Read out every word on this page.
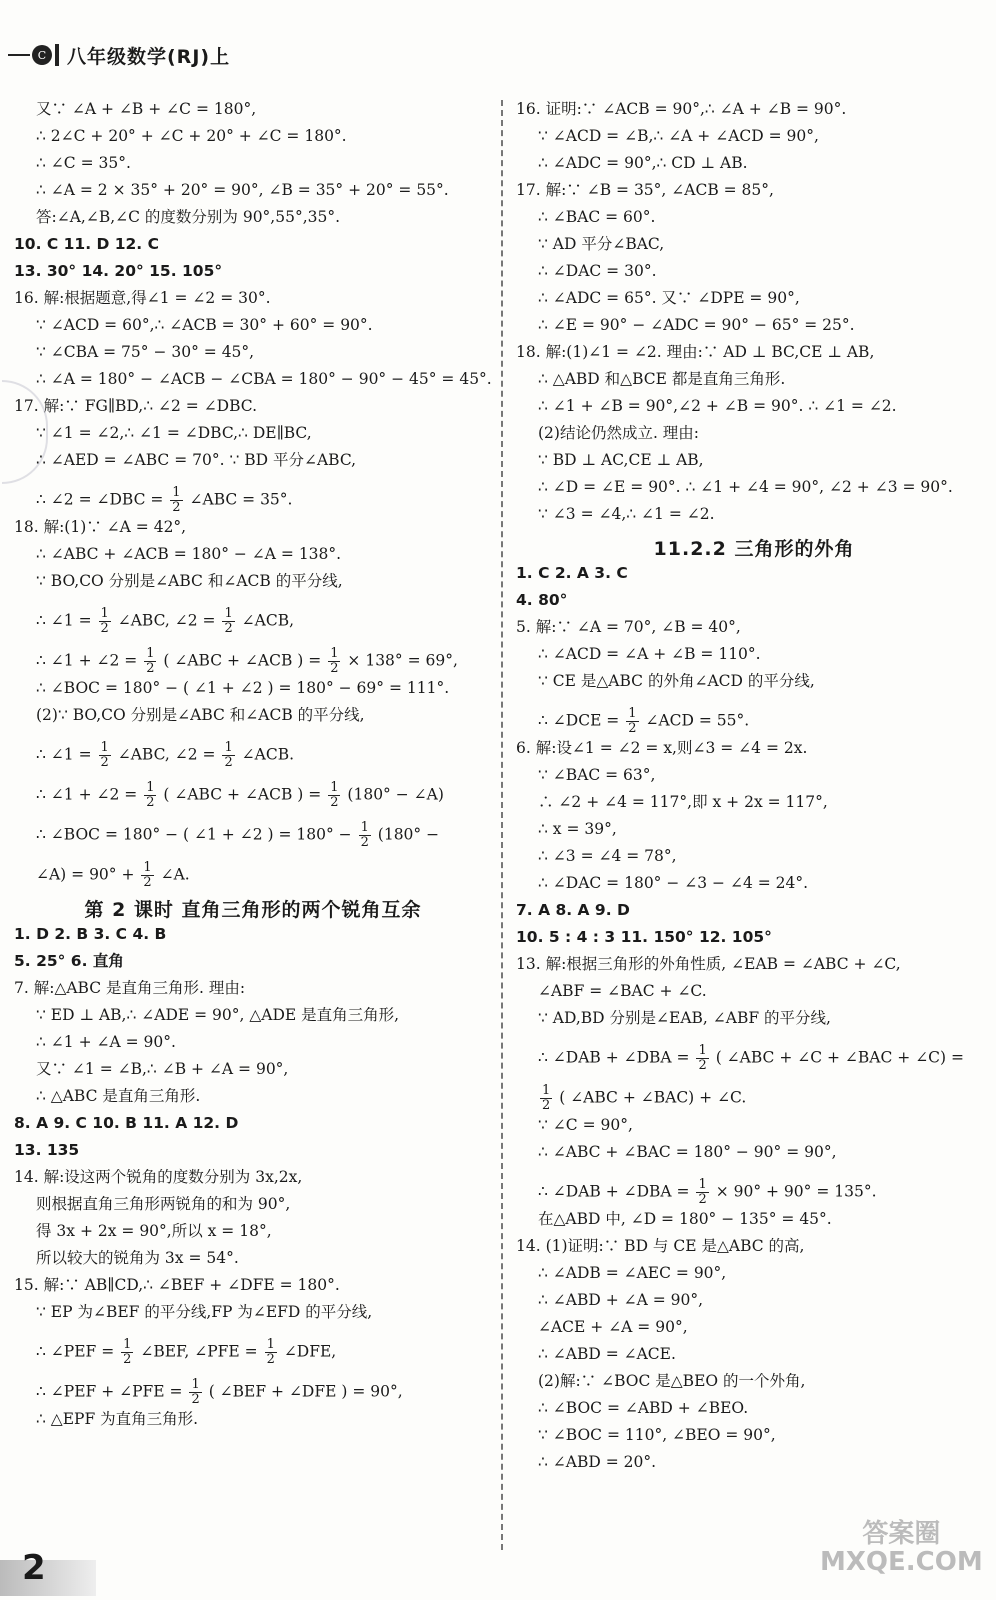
C	八年级数学(RJ)上
又∵ ∠A + ∠B + ∠C = 180°,
∴ 2∠C + 20° + ∠C + 20° + ∠C = 180°.
∴ ∠C = 35°.
∴ ∠A = 2 × 35° + 20° = 90°, ∠B = 35° + 20° = 55°.
答:∠A,∠B,∠C 的度数分别为 90°,55°,35°.
10. C 11. D 12. C
13. 30° 14. 20° 15. 105°
16. 解:根据题意,得∠1 = ∠2 = 30°.
∵ ∠ACD = 60°,∴ ∠ACB = 30° + 60° = 90°.
∵ ∠CBA = 75° − 30° = 45°,
∴ ∠A = 180° − ∠ACB − ∠CBA = 180° − 90° − 45° = 45°.
17. 解:∵ FG∥BD,∴ ∠2 = ∠DBC.
∵ ∠1 = ∠2,∴ ∠1 = ∠DBC,∴ DE∥BC,
∴ ∠AED = ∠ABC = 70°. ∵ BD 平分∠ABC,
∴ ∠2 = ∠DBC = $\frac{1}{2}$ ∠ABC = 35°.
18. 解:(1)∵ ∠A = 42°,
∴ ∠ABC + ∠ACB = 180° − ∠A = 138°.
∵ BO,CO 分别是∠ABC 和∠ACB 的平分线,
∴ ∠1 = $\frac{1}{2}$ ∠ABC, ∠2 = $\frac{1}{2}$ ∠ACB,
∴ ∠1 + ∠2 = $\frac{1}{2}$ ( ∠ABC + ∠ACB ) = $\frac{1}{2} \times 138^\circ = 69^\circ$,
∴ ∠BOC = 180° − ( ∠1 + ∠2 ) = 180° − 69° = 111°.
(2)∵ BO,CO 分别是∠ABC 和∠ACB 的平分线,
∴ ∠1 = $\frac{1}{2}$ ∠ABC, ∠2 = $\frac{1}{2}$ ∠ACB.
∴ ∠1 + ∠2 = $\frac{1}{2}$ ( ∠ABC + ∠ACB ) = $\frac{1}{2} (180^\circ$ − ∠A)
∴ ∠BOC = 180° − ( ∠1 + ∠2 ) = $180^\circ - \frac{1}{2} (180^\circ$ −
∠A) = $90^\circ + \frac{1}{2}$ ∠A.
第 2 课时 直角三角形的两个锐角互余
1. D 2. B 3. C 4. B
5. 25° 6. 直角
7. 解:△ABC 是直角三角形. 理由:
∵ ED ⊥ AB,∴ ∠ADE = 90°, △ADE 是直角三角形,
∴ ∠1 + ∠A = 90°.
又∵ ∠1 = ∠B,∴ ∠B + ∠A = 90°,
∴ △ABC 是直角三角形.
8. A 9. C 10. B 11. A 12. D
13. 135
14. 解:设这两个锐角的度数分别为 3x,2x,
则根据直角三角形两锐角的和为 90°,
得 3x + 2x = 90°,所以 x = 18°,
所以较大的锐角为 3x = 54°.
15. 解:∵ AB∥CD,∴ ∠BEF + ∠DFE = 180°.
∵ EP 为∠BEF 的平分线,FP 为∠EFD 的平分线,
∴ ∠PEF = $\frac{1}{2}$ ∠BEF, ∠PFE = $\frac{1}{2}$ ∠DFE,
∴ ∠PEF + ∠PFE = $\frac{1}{2}$ ( ∠BEF + ∠DFE ) = 90°,
∴ △EPF 为直角三角形.
16. 证明:∵ ∠ACB = 90°,∴ ∠A + ∠B = 90°.
∵ ∠ACD = ∠B,∴ ∠A + ∠ACD = 90°,
∴ ∠ADC = 90°,∴ CD ⊥ AB.
17. 解:∵ ∠B = 35°, ∠ACB = 85°,
∴ ∠BAC = 60°.
∵ AD 平分∠BAC,
∴ ∠DAC = 30°.
∴ ∠ADC = 65°. 又∵ ∠DPE = 90°,
∴ ∠E = 90° − ∠ADC = 90° − 65° = 25°.
18. 解:(1)∠1 = ∠2. 理由:∵ AD ⊥ BC,CE ⊥ AB,
∴ △ABD 和△BCE 都是直角三角形.
∴ ∠1 + ∠B = 90°,∠2 + ∠B = 90°. ∴ ∠1 = ∠2.
(2)结论仍然成立. 理由:
∵ BD ⊥ AC,CE ⊥ AB,
∴ ∠D = ∠E = 90°. ∴ ∠1 + ∠4 = 90°, ∠2 + ∠3 = 90°.
∵ ∠3 = ∠4,∴ ∠1 = ∠2.
11.2.2 三角形的外角
1. C 2. A 3. C
4. 80°
5. 解:∵ ∠A = 70°, ∠B = 40°,
∴ ∠ACD = ∠A + ∠B = 110°.
∵ CE 是△ABC 的外角∠ACD 的平分线,
∴ ∠DCE = $\frac{1}{2}$ ∠ACD = 55°.
6. 解:设∠1 = ∠2 = x,则∠3 = ∠4 = 2x.
∵ ∠BAC = 63°,
∴ ∠2 + ∠4 = 117°,即 x + 2x = 117°,
∴ x = 39°,
∴ ∠3 = ∠4 = 78°,
∴ ∠DAC = 180° − ∠3 − ∠4 = 24°.
7. A 8. A 9. D
10. 5 : 4 : 3 11. 150° 12. 105°
13. 解:根据三角形的外角性质, ∠EAB = ∠ABC + ∠C,
∠ABF = ∠BAC + ∠C.
∵ AD,BD 分别是∠EAB, ∠ABF 的平分线,
∴ ∠DAB + ∠DBA = $\frac{1}{2}$ ( ∠ABC + ∠C + ∠BAC + ∠C) =
$\frac{1}{2}$ ( ∠ABC + ∠BAC) + ∠C.
∵ ∠C = 90°,
∴ ∠ABC + ∠BAC = 180° − 90° = 90°,
∴ ∠DAB + ∠DBA = $\frac{1}{2} \times 90^\circ + 90^\circ = 135^\circ$.
在△ABD 中, ∠D = 180° − 135° = 45°.
14. (1)证明:∵ BD 与 CE 是△ABC 的高,
∴ ∠ADB = ∠AEC = 90°,
∴ ∠ABD + ∠A = 90°,
∠ACE + ∠A = 90°,
∴ ∠ABD = ∠ACE.
(2)解:∵ ∠BOC 是△BEO 的一个外角,
∴ ∠BOC = ∠ABD + ∠BEO.
∵ ∠BOC = 110°, ∠BEO = 90°,
∴ ∠ABD = 20°.
2
答案圈
MXQE.COM
